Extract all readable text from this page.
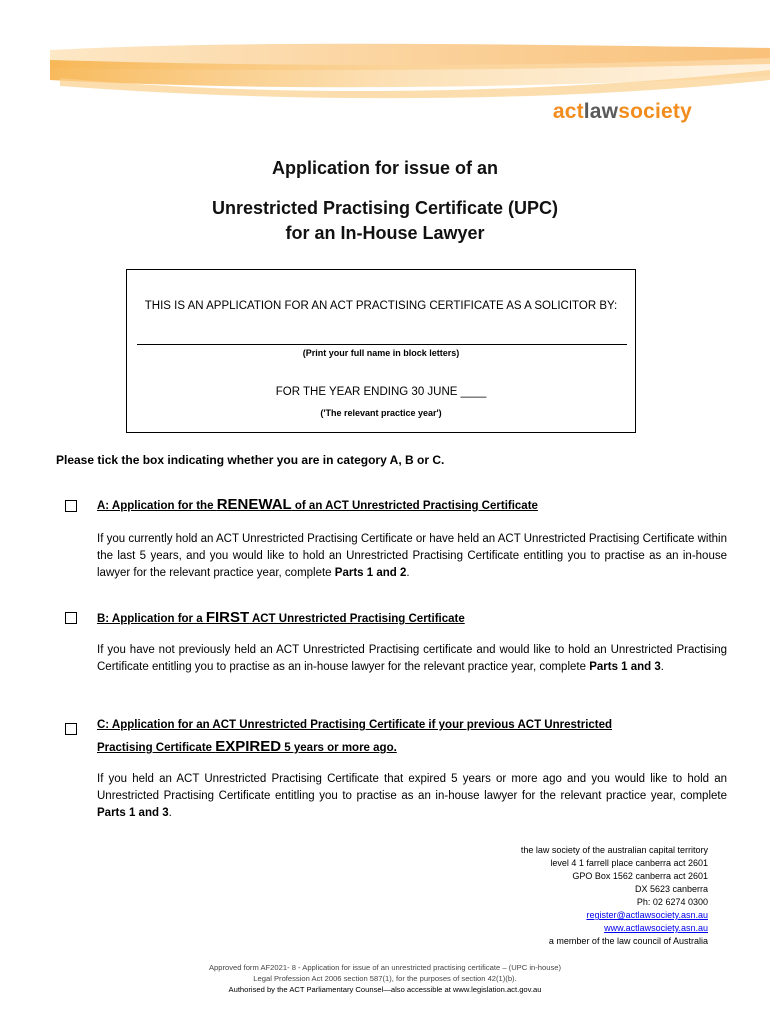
actlawsociety
Application for issue of an
Unrestricted Practising Certificate (UPC)
for an In-House Lawyer
THIS IS AN APPLICATION FOR AN ACT PRACTISING CERTIFICATE AS A SOLICITOR BY:
(Print your full name in block letters)
FOR THE YEAR ENDING 30 JUNE ____
('The relevant practice year')
Please tick the box indicating whether you are in category A, B or C.
A: Application for the RENEWAL of an ACT Unrestricted Practising Certificate
If you currently hold an ACT Unrestricted Practising Certificate or have held an ACT Unrestricted Practising Certificate within the last 5 years, and you would like to hold an Unrestricted Practising Certificate entitling you to practise as an in-house lawyer for the relevant practice year, complete Parts 1 and 2.
B: Application for a FIRST ACT Unrestricted Practising Certificate
If you have not previously held an ACT Unrestricted Practising certificate and would like to hold an Unrestricted Practising Certificate entitling you to practise as an in-house lawyer for the relevant practice year, complete Parts 1 and 3.
C: Application for an ACT Unrestricted Practising Certificate if your previous ACT Unrestricted
Practising Certificate EXPIRED 5 years or more ago.
If you held an ACT Unrestricted Practising Certificate that expired 5 years or more ago and you would like to hold an Unrestricted Practising Certificate entitling you to practise as an in-house lawyer for the relevant practice year, complete Parts 1 and 3.
the law society of the australian capital territory
level 4 1 farrell place canberra act 2601
GPO Box 1562 canberra act 2601
DX 5623 canberra
Ph: 02 6274 0300
register@actlawsociety.asn.au
www.actlawsociety.asn.au
a member of the law council of Australia
Approved form AF2021- 8 - Application for issue of an unrestricted practising certificate – (UPC in-house)
Legal Profession Act 2006 section 587(1), for the purposes of section 42(1)(b).
Authorised by the ACT Parliamentary Counsel—also accessible at www.legislation.act.gov.au
